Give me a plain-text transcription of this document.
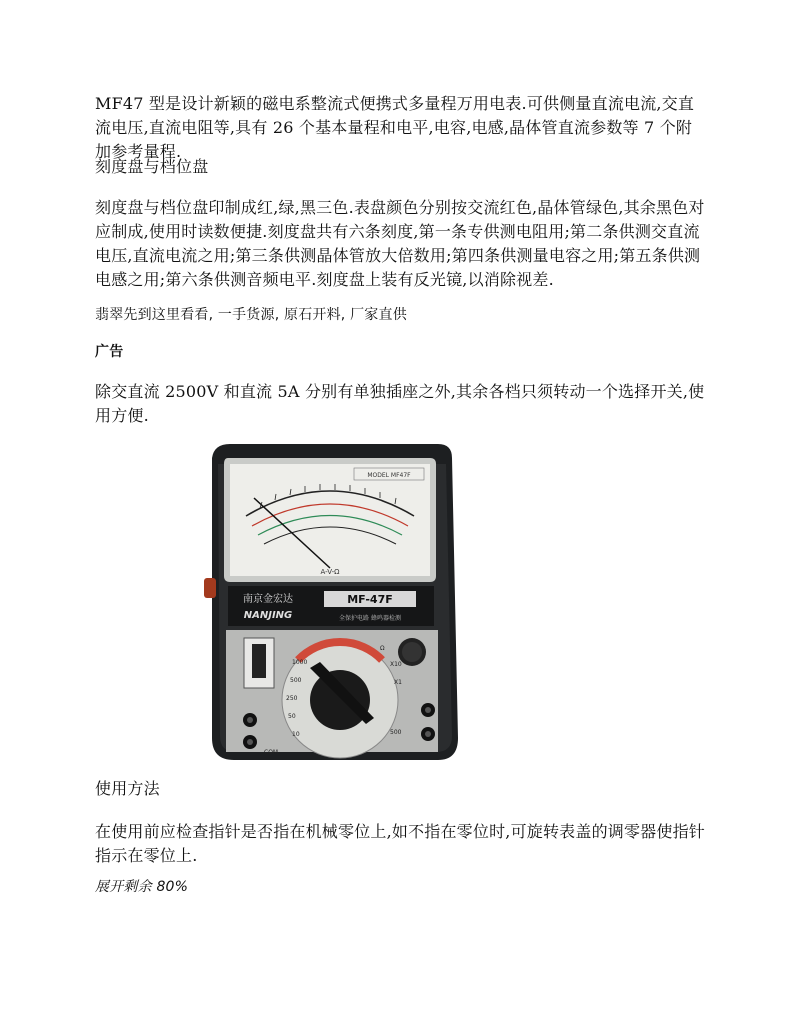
MF47 型是设计新颖的磁电系整流式便携式多量程万用电表.可供侧量直流电流,交直流电压,直流电阻等,具有 26 个基本量程和电平,电容,电感,晶体管直流参数等 7 个附加参考量程.
刻度盘与档位盘
刻度盘与档位盘印制成红,绿,黑三色.表盘颜色分别按交流红色,晶体管绿色,其余黑色对应制成,使用时读数便捷.刻度盘共有六条刻度,第一条专供测电阻用;第二条供测交直流电压,直流电流之用;第三条供测晶体管放大倍数用;第四条供测量电容之用;第五条供测电感之用;第六条供测音频电平.刻度盘上装有反光镜,以消除视差.
翡翠先到这里看看, 一手货源, 原石开料, 厂家直供
广告
除交直流 2500V 和直流 5A 分别有单独插座之外,其余各档只须转动一个选择开关,使用方便.
MODEL MF47F
A-V-Ω
南京金宏达
NANJING
MF-47F
全保护电路 蜂鸣器检测
1000
500
250
50
10
X10
X1
500
Ω
COM
使用方法
在使用前应检查指针是否指在机械零位上,如不指在零位时,可旋转表盖的调零器使指针指示在零位上.
展开剩余 80%
